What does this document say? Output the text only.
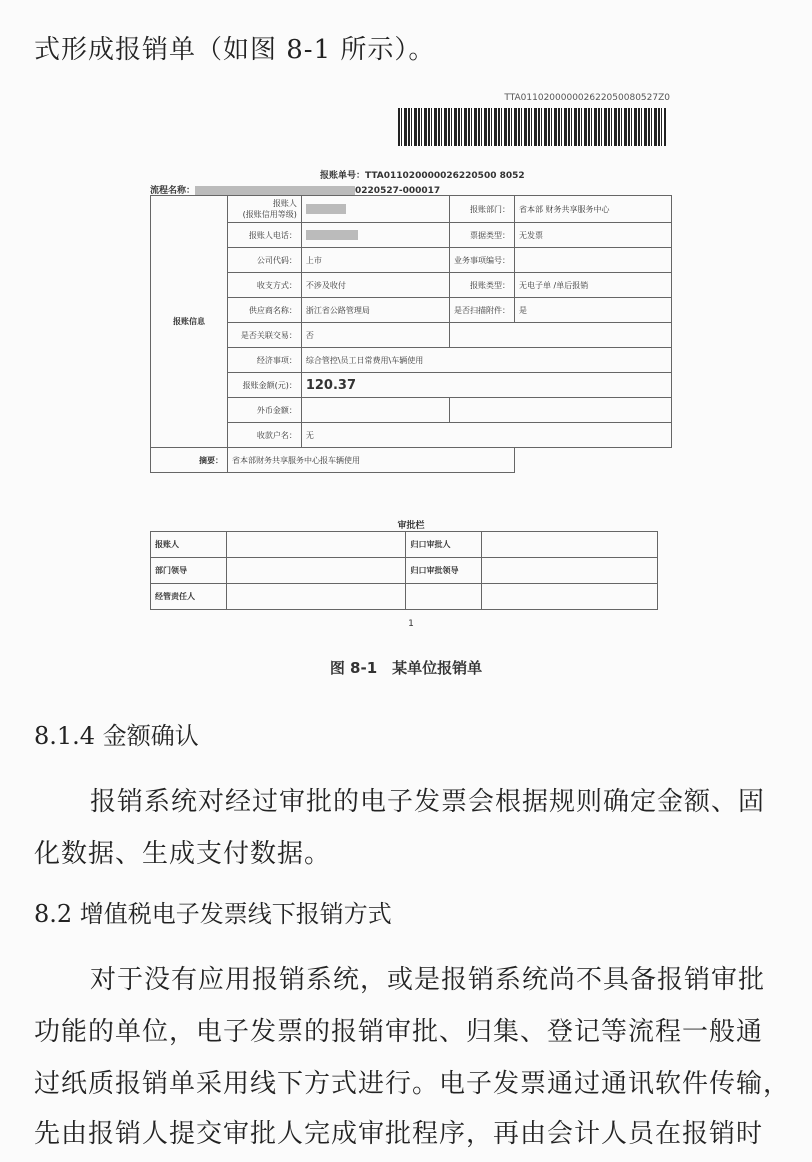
式形成报销单（如图 8-1 所示）。
TTA011020000002622050080527Z0
报账单号：TTA011020000026220500 8052
流程名称：	0220527-000017
报账信息	报账人
(报账信用等级)		报账部门：	省本部 财务共享服务中心
	报账人电话：		票据类型：	无发票
	公司代码：	上市	业务事项编号：	
	收支方式：	不涉及收付	报账类型：	无电子单 /单后报销
	供应商名称：	浙江省公路管理局	是否扫描附件：	是
	是否关联交易：	否		
	经济事项：	综合管控\员工日常费用\车辆使用		
	报账金额(元)：	120.37		
	外币金额：			
	收款户名：	无		
摘要：	省本部财务共享服务中心报车辆使用			
审批栏
报账人		归口审批人	
部门领导		归口审批领导	
经管责任人			
1
图 8-1　某单位报销单
8.1.4 金额确认
报销系统对经过审批的电子发票会根据规则确定金额、固
化数据、生成支付数据。
8.2 增值税电子发票线下报销方式
对于没有应用报销系统，或是报销系统尚不具备报销审批
功能的单位，电子发票的报销审批、归集、登记等流程一般通
过纸质报销单采用线下方式进行。电子发票通过通讯软件传输，
先由报销人提交审批人完成审批程序，再由会计人员在报销时
